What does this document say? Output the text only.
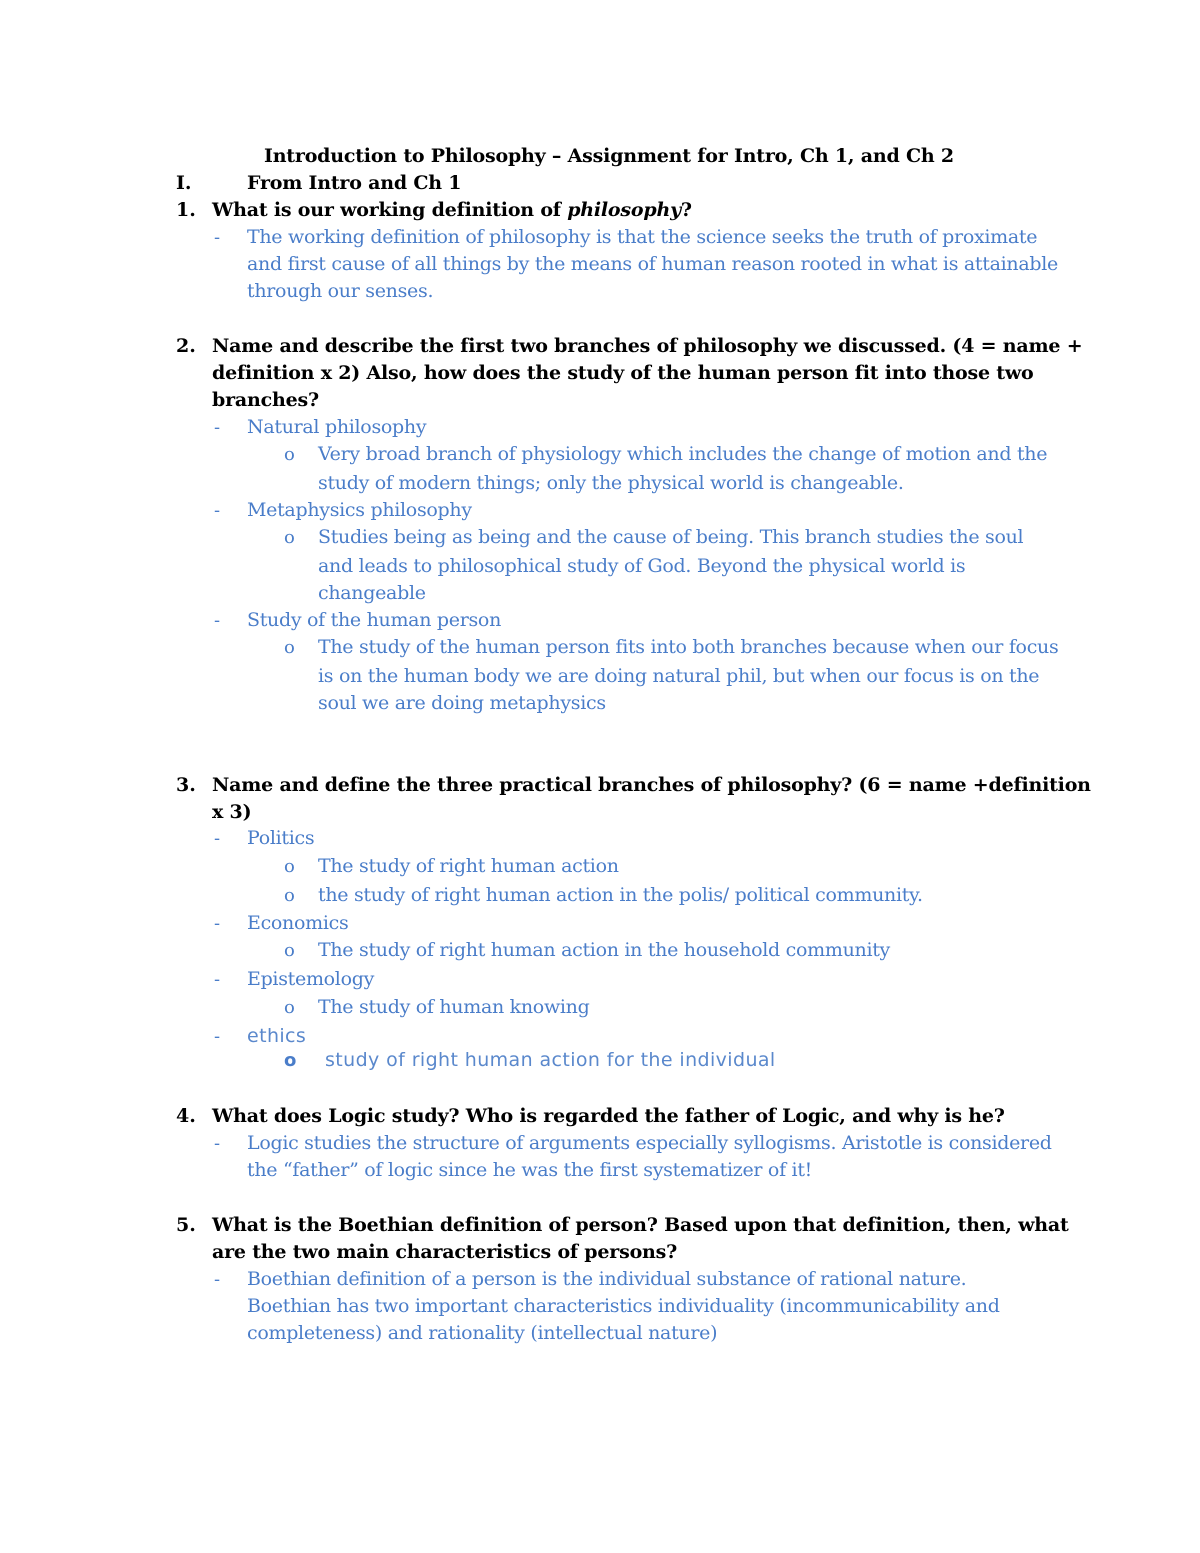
Introduction to Philosophy – Assignment for Intro, Ch 1, and Ch 2
I.	From Intro and Ch 1
1. What is our working definition of philosophy?
- The working definition of philosophy is that the science seeks the truth of proximate
and first cause of all things by the means of human reason rooted in what is attainable
through our senses.
2. Name and describe the first two branches of philosophy we discussed. (4 = name +
definition x 2) Also, how does the study of the human person fit into those two
branches?
- Natural philosophy
o Very broad branch of physiology which includes the change of motion and the
study of modern things; only the physical world is changeable.
- Metaphysics philosophy
o Studies being as being and the cause of being. This branch studies the soul
and leads to philosophical study of God. Beyond the physical world is
changeable
- Study of the human person
o The study of the human person fits into both branches because when our focus
is on the human body we are doing natural phil, but when our focus is on the
soul we are doing metaphysics
3. Name and define the three practical branches of philosophy? (6 = name +definition
x 3)
- Politics
o The study of right human action
o the study of right human action in the polis/ political community.
- Economics
o The study of right human action in the household community
- Epistemology
o The study of human knowing
- ethics
o study of right human action for the individual
4. What does Logic study? Who is regarded the father of Logic, and why is he?
- Logic studies the structure of arguments especially syllogisms. Aristotle is considered
the “father” of logic since he was the first systematizer of it!
5. What is the Boethian definition of person? Based upon that definition, then, what
are the two main characteristics of persons?
- Boethian definition of a person is the individual substance of rational nature.
Boethian has two important characteristics individuality (incommunicability and
completeness) and rationality (intellectual nature)
